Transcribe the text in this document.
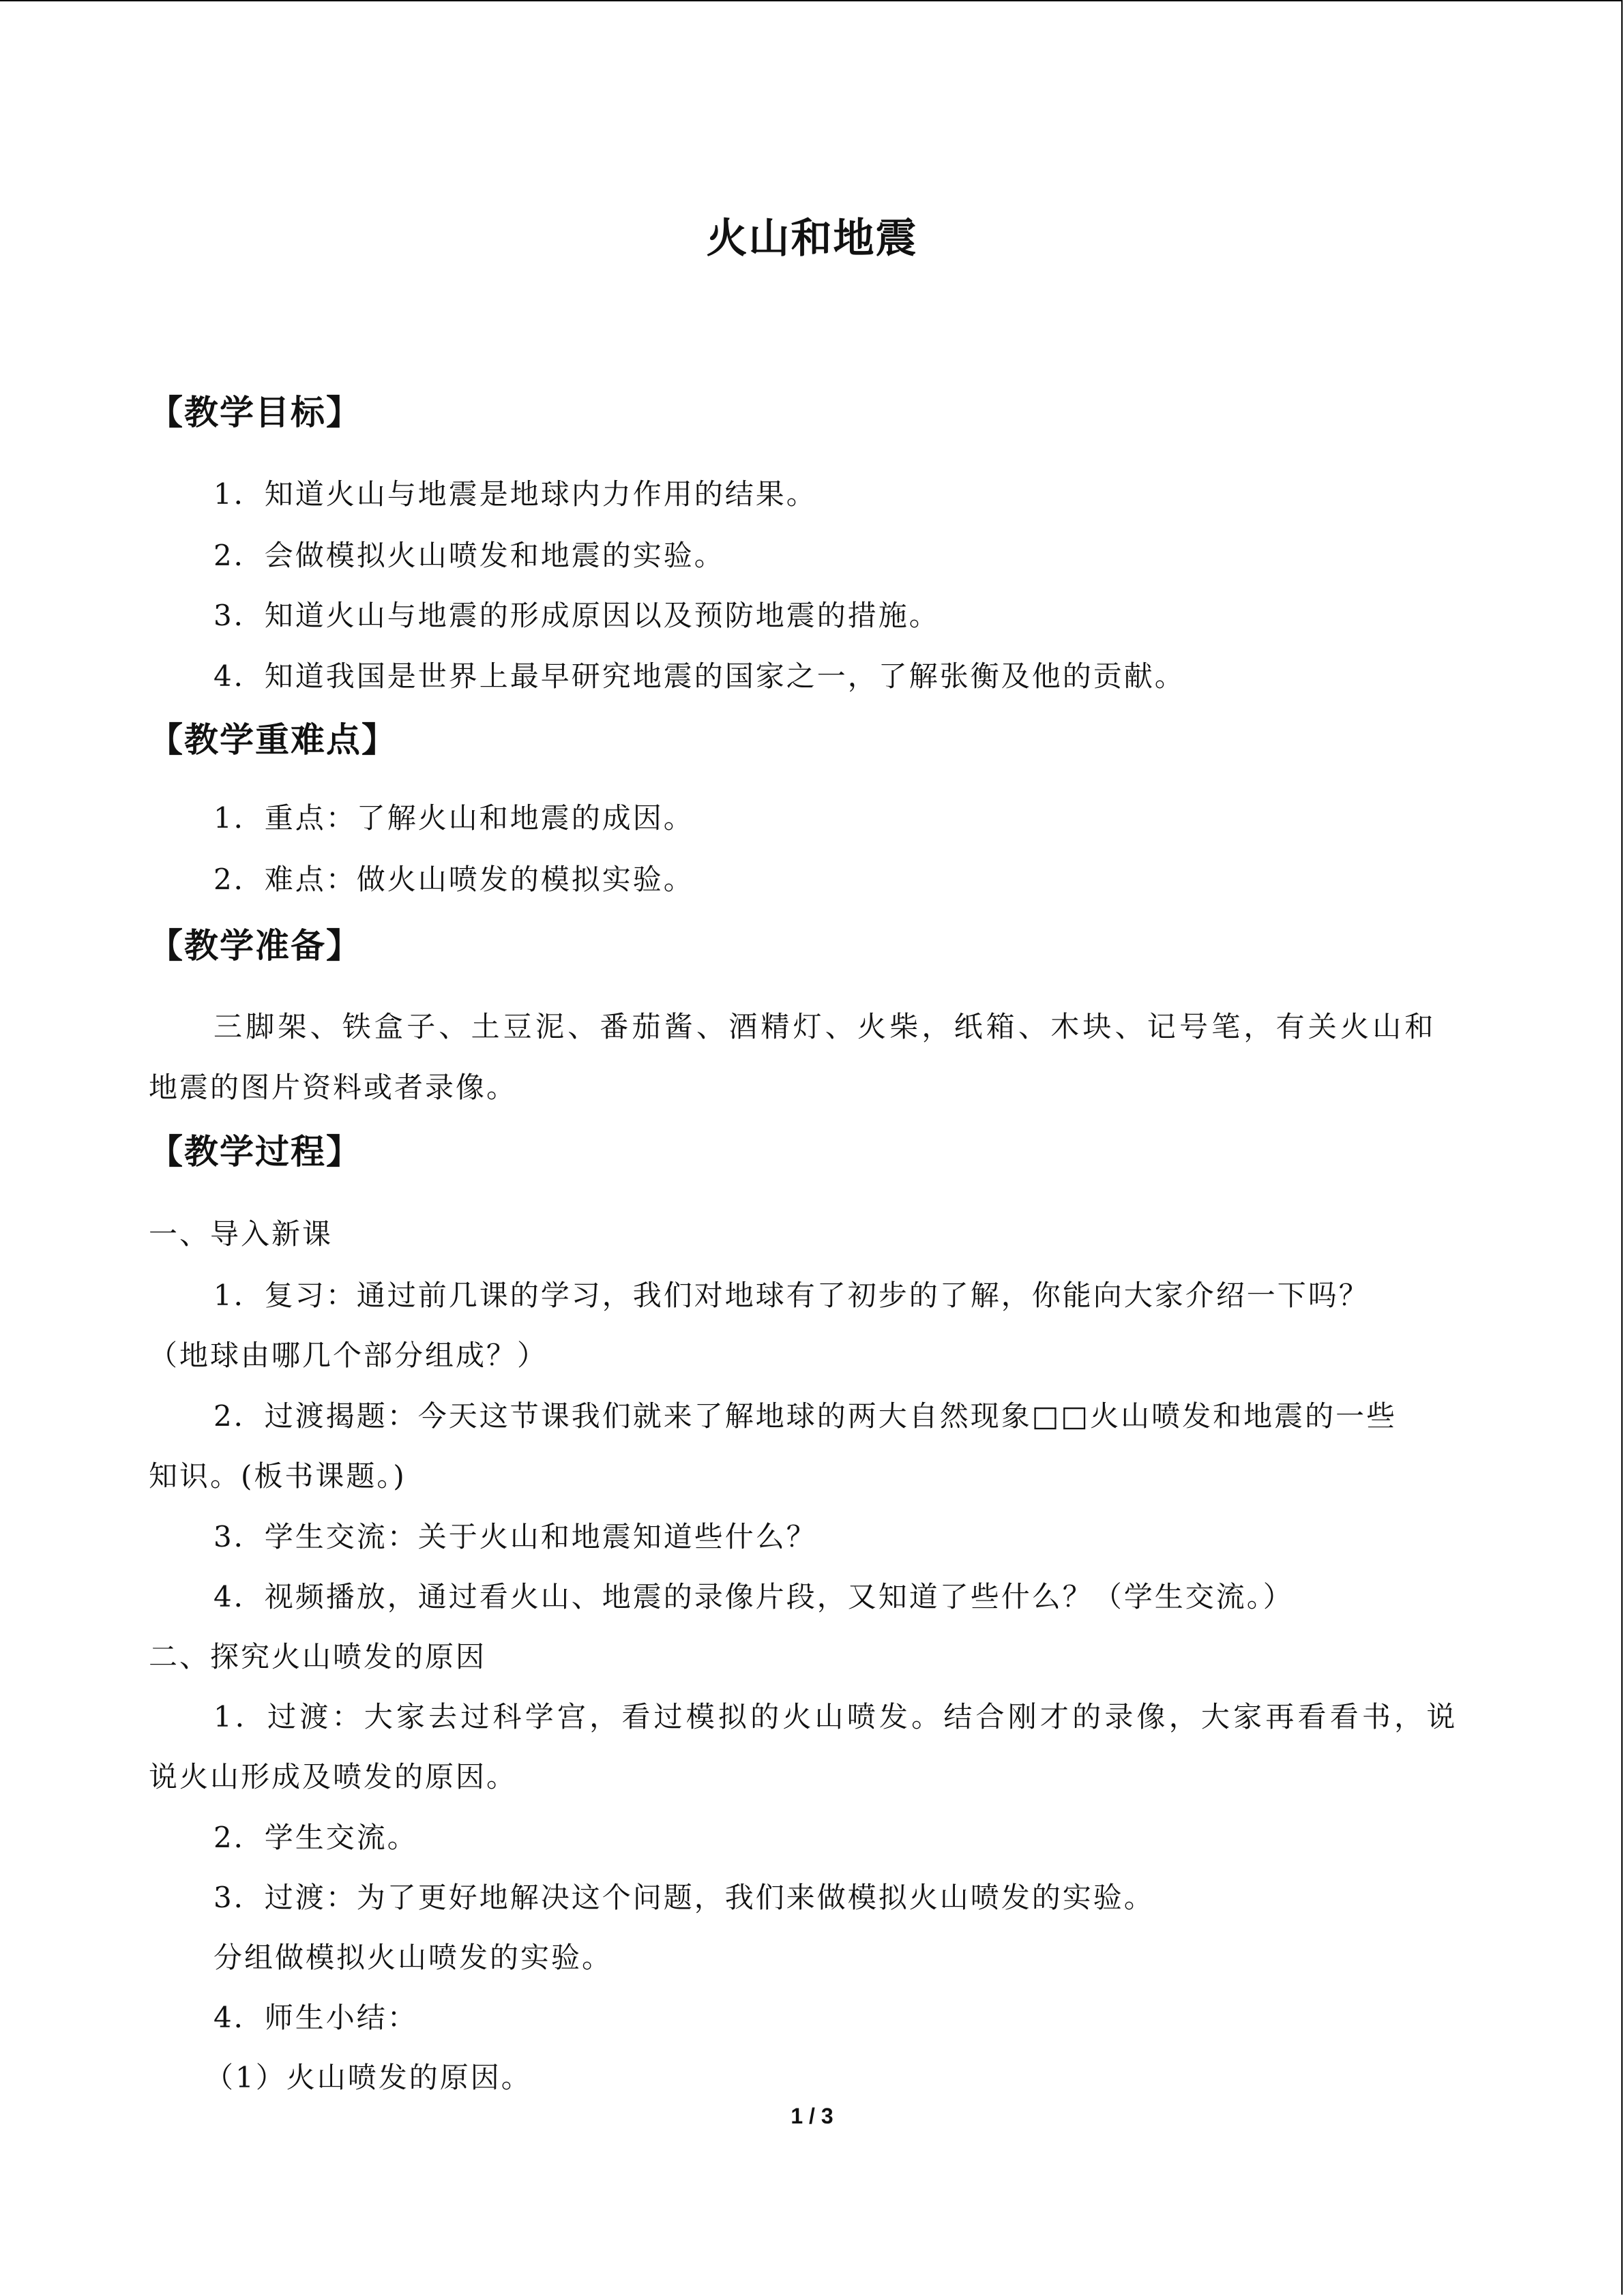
火山和地震
【教学目标】
1．知道火山与地震是地球内力作用的结果。
2．会做模拟火山喷发和地震的实验。
3．知道火山与地震的形成原因以及预防地震的措施。
4．知道我国是世界上最早研究地震的国家之一，了解张衡及他的贡献。
【教学重难点】
1．重点：了解火山和地震的成因。
2．难点：做火山喷发的模拟实验。
【教学准备】
三脚架、铁盒子、土豆泥、番茄酱、酒精灯、火柴，纸箱、木块、记号笔，有关火山和
地震的图片资料或者录像。
【教学过程】
一、导入新课
1．复习：通过前几课的学习，我们对地球有了初步的了解，你能向大家介绍一下吗？
（地球由哪几个部分组成？）
2．过渡揭题：今天这节课我们就来了解地球的两大自然现象□□火山喷发和地震的一些
知识。(板书课题。)
3．学生交流：关于火山和地震知道些什么？
4．视频播放，通过看火山、地震的录像片段，又知道了些什么？（学生交流。）
二、探究火山喷发的原因
1．过渡：大家去过科学宫，看过模拟的火山喷发。结合刚才的录像，大家再看看书，说
说火山形成及喷发的原因。
2．学生交流。
3．过渡：为了更好地解决这个问题，我们来做模拟火山喷发的实验。
分组做模拟火山喷发的实验。
4．师生小结：
（1）火山喷发的原因。
1 / 3
